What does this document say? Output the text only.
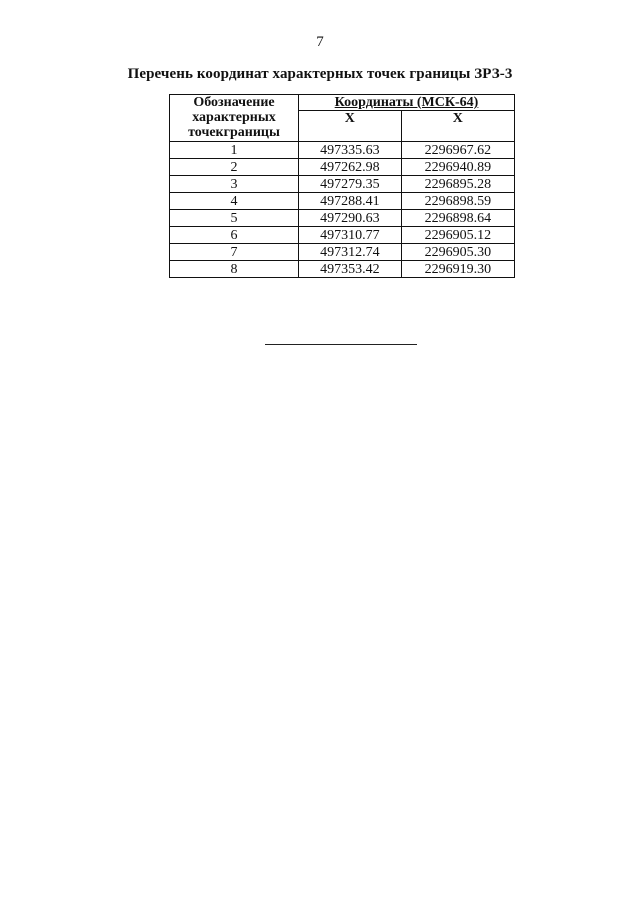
7
Перечень координат характерных точек границы ЗРЗ-3
Обозначение характерных точекграницы	Координаты (МСК-64)	
	X	X
1	497335.63	2296967.62
2	497262.98	2296940.89
3	497279.35	2296895.28
4	497288.41	2296898.59
5	497290.63	2296898.64
6	497310.77	2296905.12
7	497312.74	2296905.30
8	497353.42	2296919.30
